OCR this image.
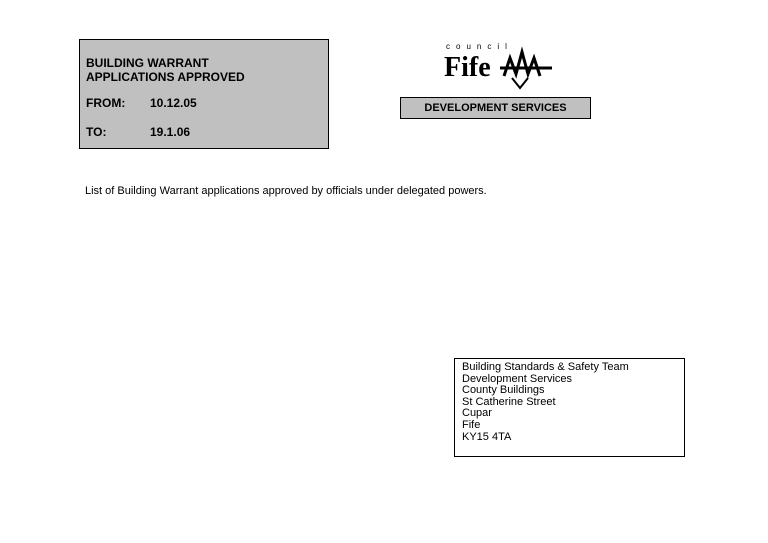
BUILDING WARRANT
APPLICATIONS APPROVED
FROM: 10.12.05
TO:	19.1.06
council
Fife
DEVELOPMENT SERVICES
List of Building Warrant applications approved by officials under delegated powers.
Building Standards & Safety Team
Development Services
County Buildings
St Catherine Street
Cupar
Fife
KY15 4TA
